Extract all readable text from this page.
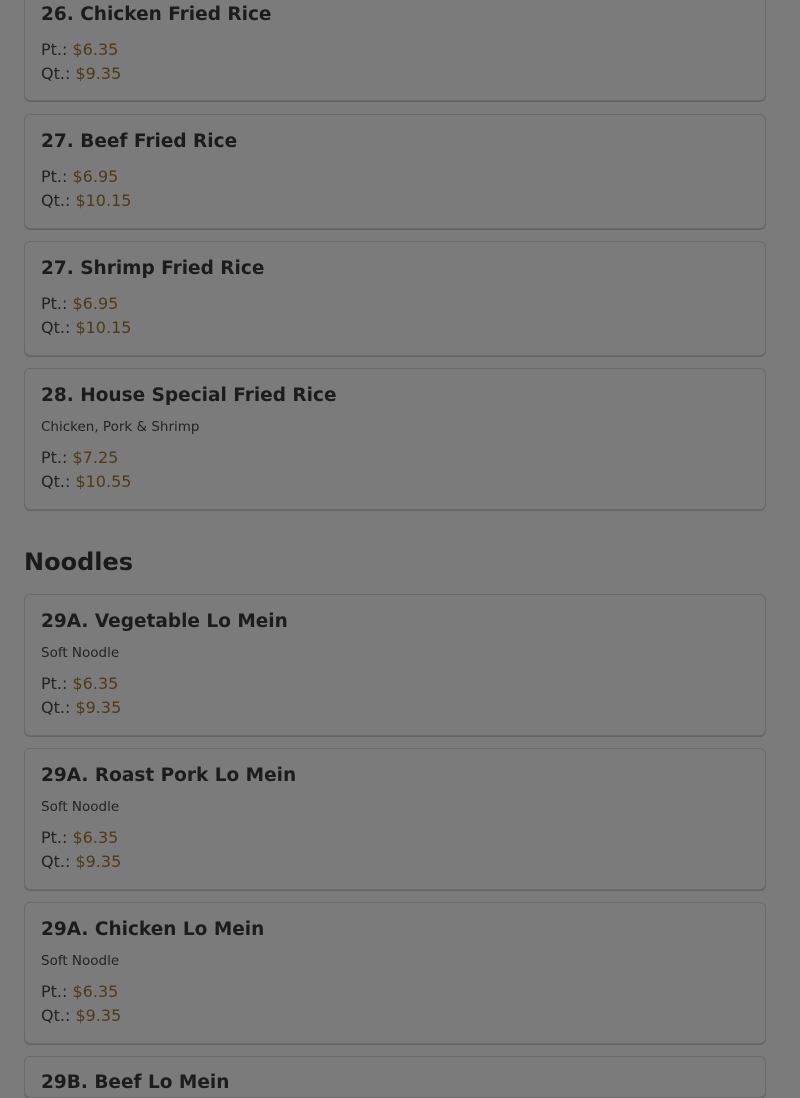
26. Chicken Fried Rice
Pt.: $6.35
Qt.: $9.35
27. Beef Fried Rice
Pt.: $6.95
Qt.: $10.15
27. Shrimp Fried Rice
Pt.: $6.95
Qt.: $10.15
28. House Special Fried Rice
Chicken, Pork & Shrimp
Pt.: $7.25
Qt.: $10.55
Noodles
29A. Vegetable Lo Mein
Soft Noodle
Pt.: $6.35
Qt.: $9.35
29A. Roast Pork Lo Mein
Soft Noodle
Pt.: $6.35
Qt.: $9.35
29A. Chicken Lo Mein
Soft Noodle
Pt.: $6.35
Qt.: $9.35
29B. Beef Lo Mein
